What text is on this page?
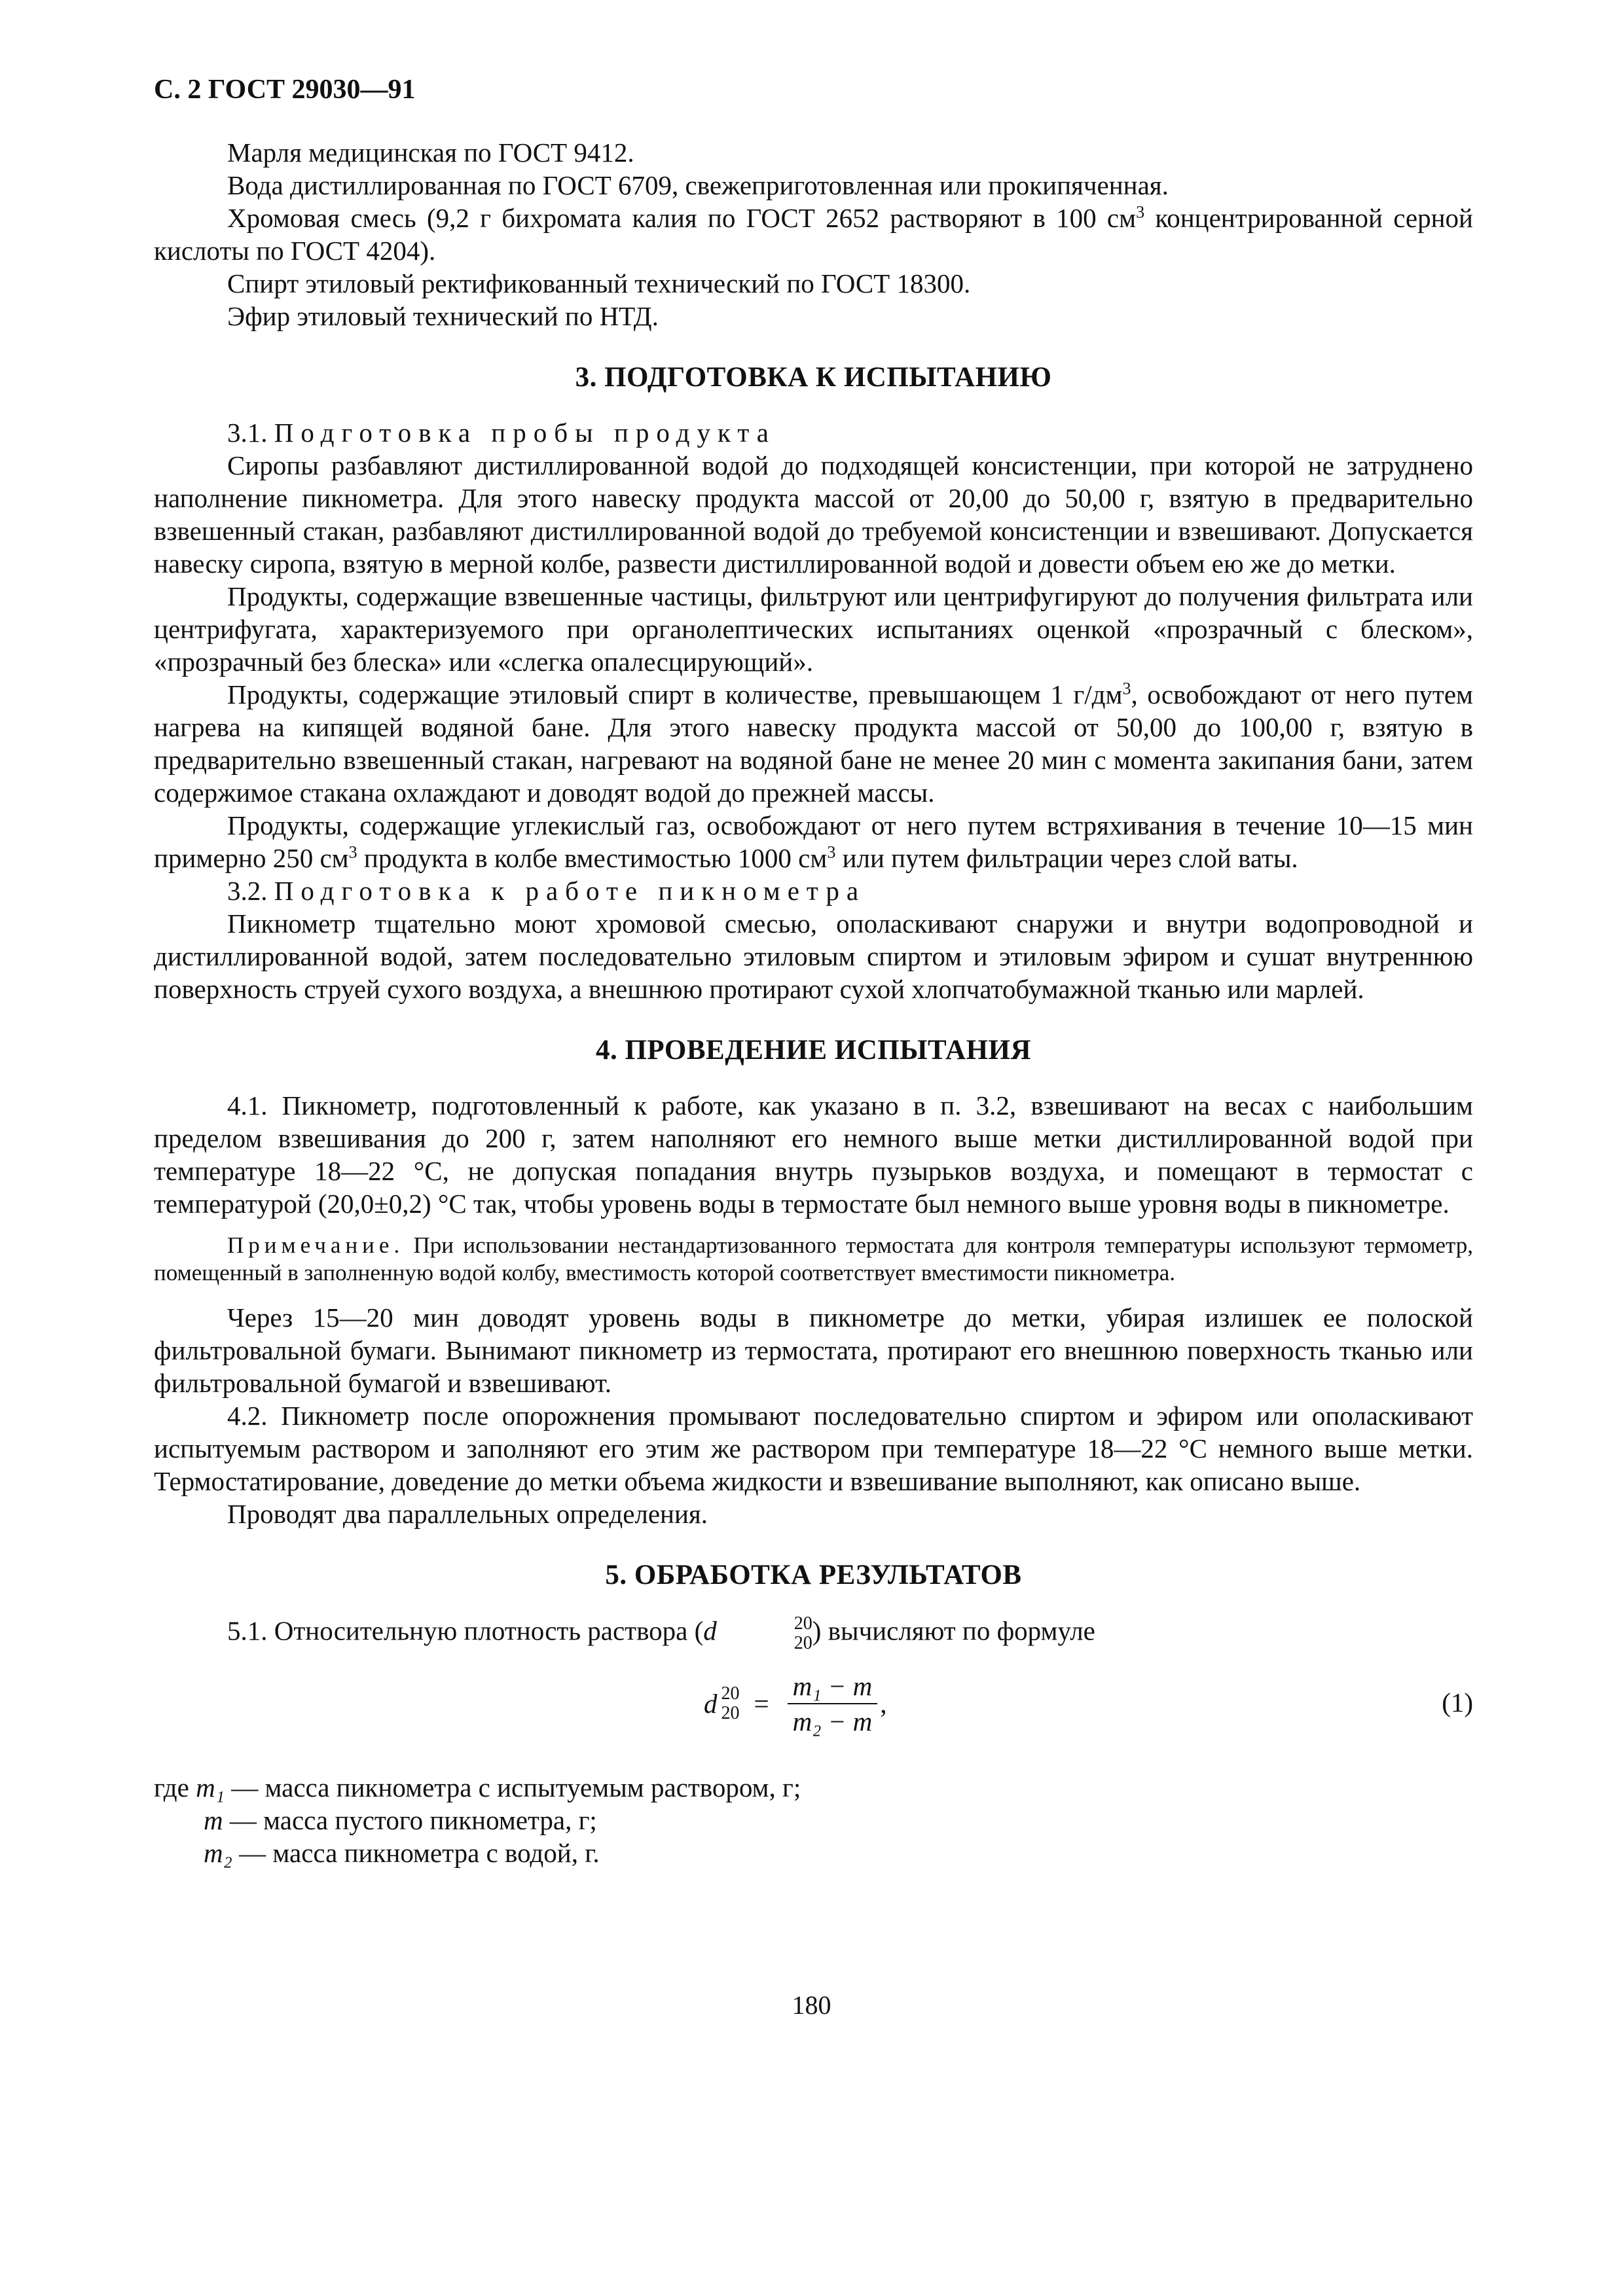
С. 2 ГОСТ 29030—91

Марля медицинская по ГОСТ 9412.

Вода дистиллированная по ГОСТ 6709, свежеприготовленная или прокипяченная.

Хромовая смесь (9,2 г бихромата калия по ГОСТ 2652 растворяют в 100 $см^3$ концентрированной серной кислоты по ГОСТ 4204).

Спирт этиловый ректификованный технический по ГОСТ 18300.

Эфир этиловый технический по НТД.

3. ПОДГОТОВКА К ИСПЫТАНИЮ

3.1. Подготовка пробы продукта

Сиропы разбавляют дистиллированной водой до подходящей консистенции, при которой не затруднено наполнение пикнометра. Для этого навеску продукта массой от 20,00 до 50,00 г, взятую в предварительно взвешенный стакан, разбавляют дистиллированной водой до требуемой консистенции и взвешивают. Допускается навеску сиропа, взятую в мерной колбе, развести дистиллированной водой и довести объем ею же до метки.

Продукты, содержащие взвешенные частицы, фильтруют или центрифугируют до получения фильтрата или центрифугата, характеризуемого при органолептических испытаниях оценкой «прозрачный с блеском», «прозрачный без блеска» или «слегка опалесцирующий».

Продукты, содержащие этиловый спирт в количестве, превышающем 1 $г/дм^3$, освобождают от него путем нагрева на кипящей водяной бане. Для этого навеску продукта массой от 50,00 до 100,00 г, взятую в предварительно взвешенный стакан, нагревают на водяной бане не менее 20 мин с момента закипания бани, затем содержимое стакана охлаждают и доводят водой до прежней массы.

Продукты, содержащие углекислый газ, освобождают от него путем встряхивания в течение 10—15 мин примерно 250 $см^3$ продукта в колбе вместимостью 1000 $см^3$ или путем фильтрации через слой ваты.

3.2. Подготовка к работе пикнометра

Пикнометр тщательно моют хромовой смесью, ополаскивают снаружи и внутри водопроводной и дистиллированной водой, затем последовательно этиловым спиртом и этиловым эфиром и сушат внутреннюю поверхность струей сухого воздуха, а внешнюю протирают сухой хлопчатобумажной тканью или марлей.

4. ПРОВЕДЕНИЕ ИСПЫТАНИЯ

4.1. Пикнометр, подготовленный к работе, как указано в п. 3.2, взвешивают на весах с наибольшим пределом взвешивания до 200 г, затем наполняют его немного выше метки дистиллированной водой при температуре 18—22 °С, не допуская попадания внутрь пузырьков воздуха, и помещают в термостат с температурой (20,0±0,2) °С так, чтобы уровень воды в термостате был немного выше уровня воды в пикнометре.

Примечание. При использовании нестандартизованного термостата для контроля температуры используют термометр, помещенный в заполненную водой колбу, вместимость которой соответствует вместимости пикнометра.

Через 15—20 мин доводят уровень воды в пикнометре до метки, убирая излишек ее полоской фильтровальной бумаги. Вынимают пикнометр из термостата, протирают его внешнюю поверхность тканью или фильтровальной бумагой и взвешивают.

4.2. Пикнометр после опорожнения промывают последовательно спиртом и эфиром или ополаскивают испытуемым раствором и заполняют его этим же раствором при температуре 18—22 °С немного выше метки. Термостатирование, доведение до метки объема жидкости и взвешивание выполняют, как описано выше.

Проводят два параллельных определения.

5. ОБРАБОТКА РЕЗУЛЬТАТОВ

5.1. Относительную плотность раствора (d	20
20 ) вычисляют по формуле

d 20
$20 = \frac{\text{m₁ − m}}{\text{m₂ − m}}$ ,	(1)

где m₁ — масса пикнометра с испытуемым раствором, г;

m — масса пустого пикнометра, г;

m₂ — масса пикнометра с водой, г.

180
